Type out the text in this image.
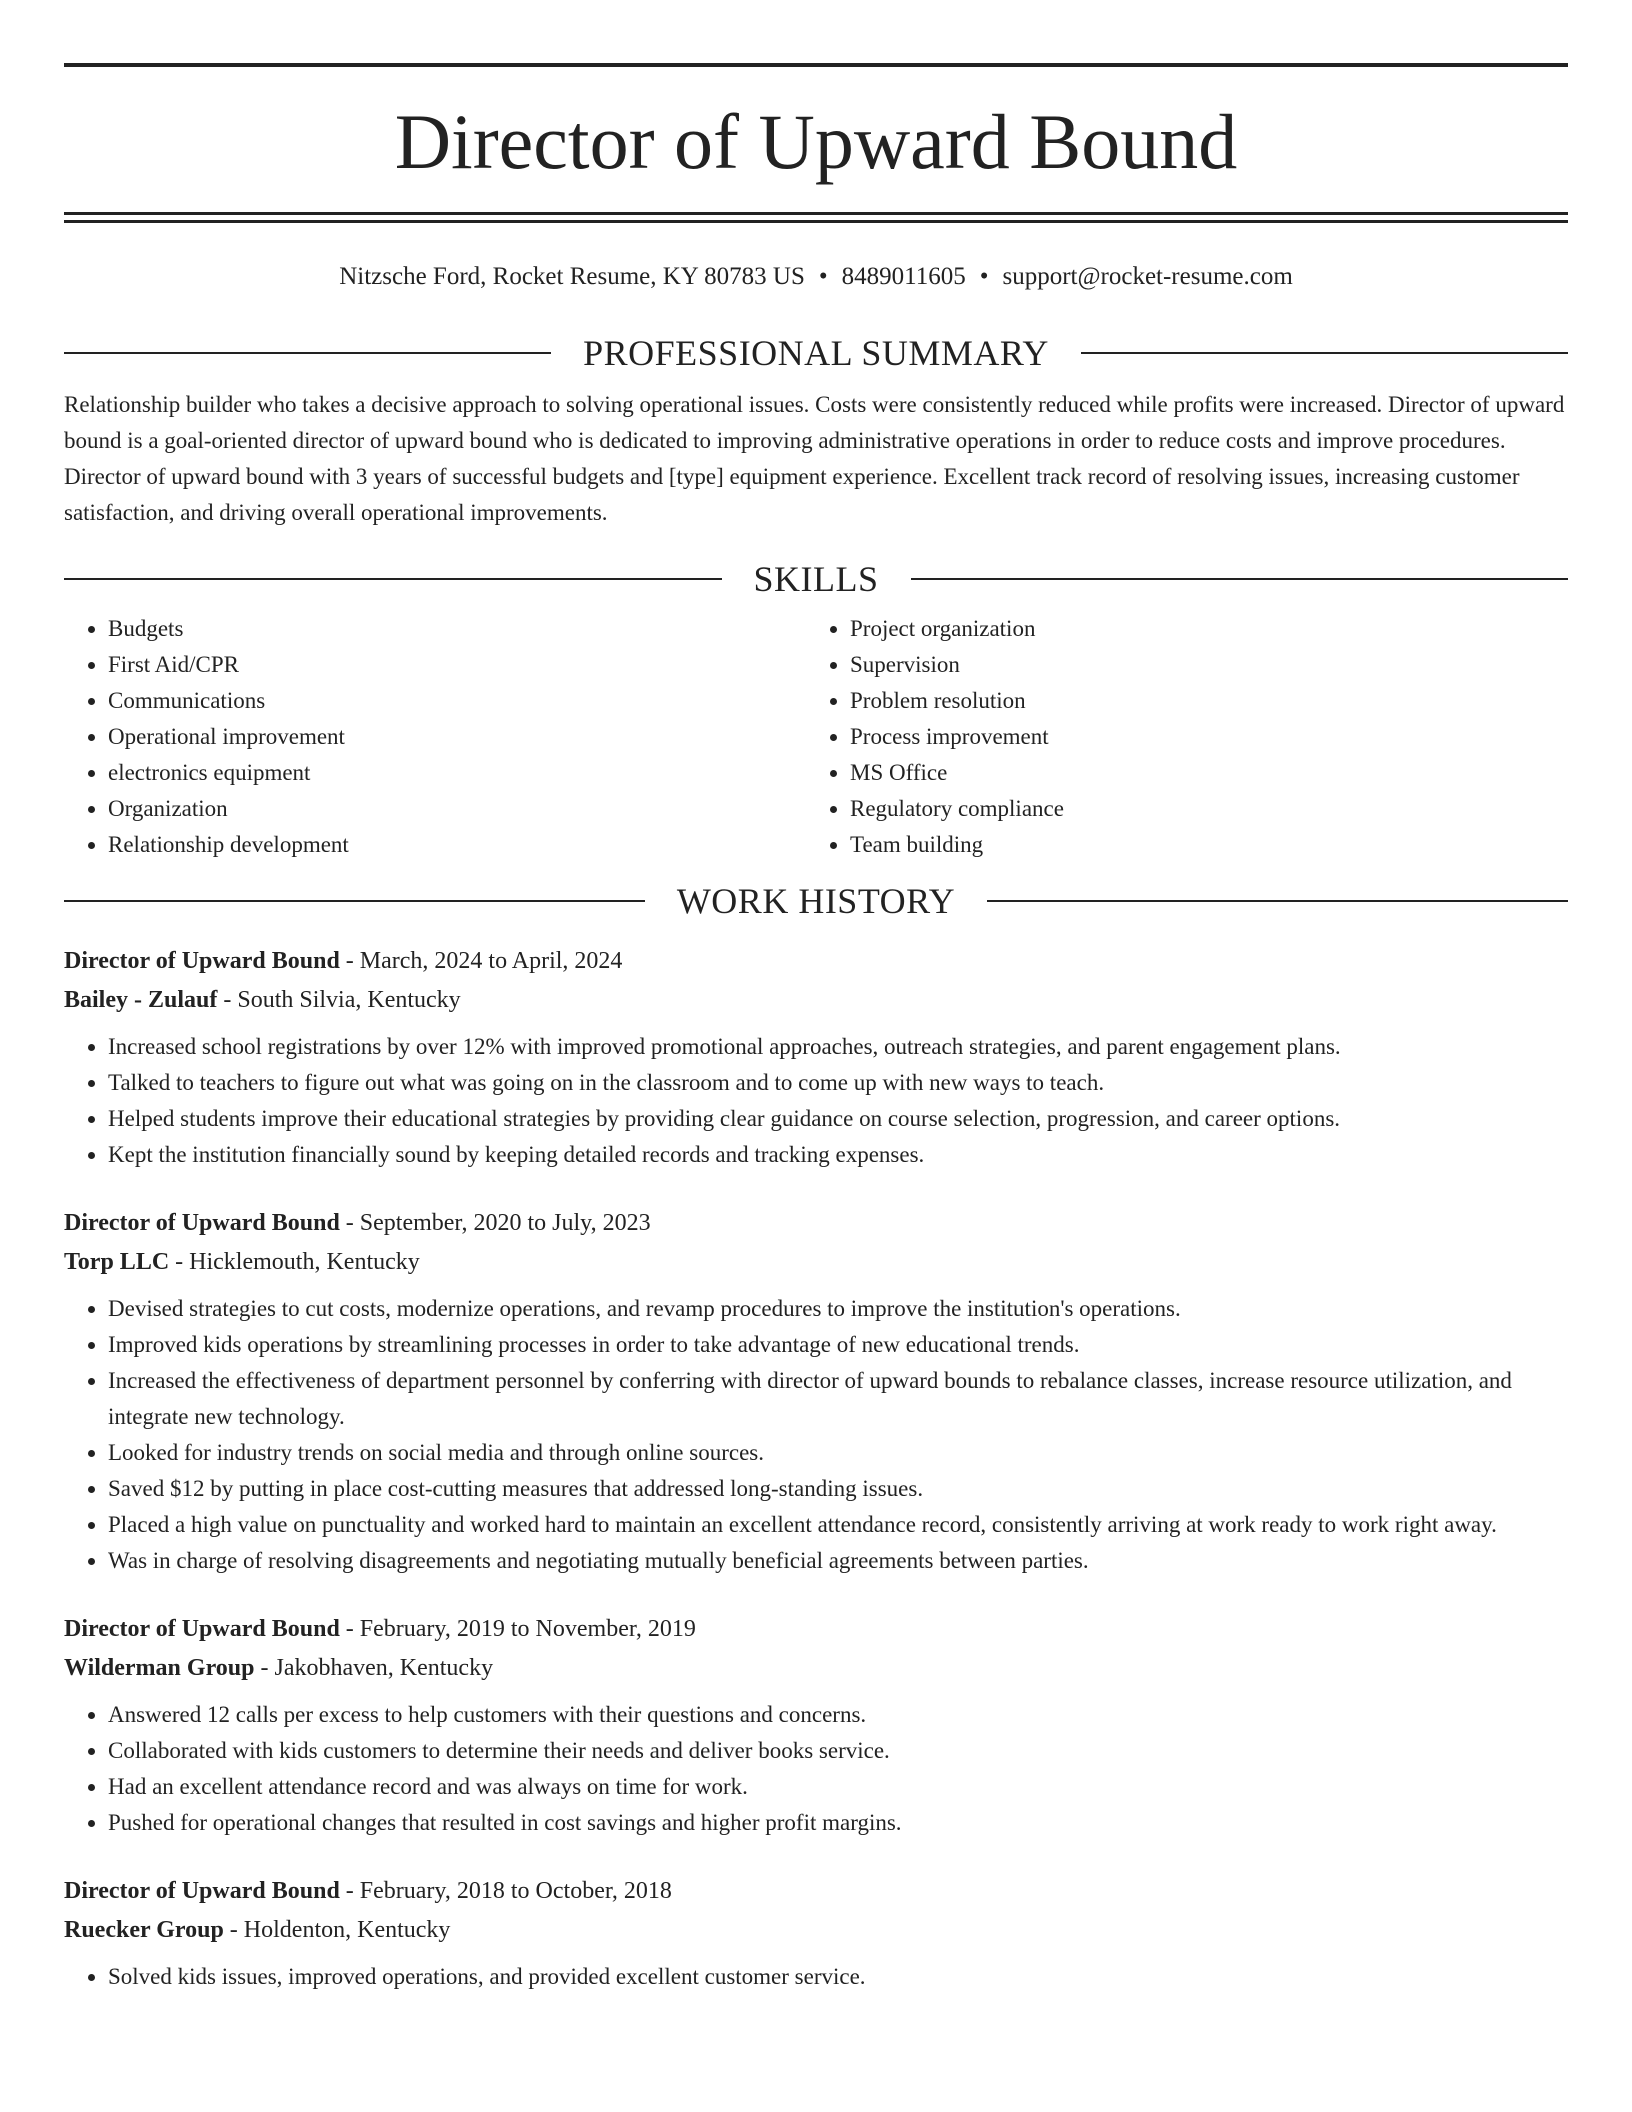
Director of Upward Bound
Nitzsche Ford, Rocket Resume, KY 80783 US • 8489011605 • support@rocket-resume.com
PROFESSIONAL SUMMARY
Relationship builder who takes a decisive approach to solving operational issues. Costs were consistently reduced while profits were increased. Director of upward bound is a goal-oriented director of upward bound who is dedicated to improving administrative operations in order to reduce costs and improve procedures. Director of upward bound with 3 years of successful budgets and [type] equipment experience. Excellent track record of resolving issues, increasing customer satisfaction, and driving overall operational improvements.
SKILLS
• Budgets
• First Aid/CPR
• Communications
• Operational improvement
• electronics equipment
• Organization
• Relationship development
• Project organization
• Supervision
• Problem resolution
• Process improvement
• MS Office
• Regulatory compliance
• Team building
WORK HISTORY
Director of Upward Bound - March, 2024 to April, 2024
Bailey - Zulauf - South Silvia, Kentucky
• Increased school registrations by over 12% with improved promotional approaches, outreach strategies, and parent engagement plans.
• Talked to teachers to figure out what was going on in the classroom and to come up with new ways to teach.
• Helped students improve their educational strategies by providing clear guidance on course selection, progression, and career options.
• Kept the institution financially sound by keeping detailed records and tracking expenses.
Director of Upward Bound - September, 2020 to July, 2023
Torp LLC - Hicklemouth, Kentucky
• Devised strategies to cut costs, modernize operations, and revamp procedures to improve the institution's operations.
• Improved kids operations by streamlining processes in order to take advantage of new educational trends.
• Increased the effectiveness of department personnel by conferring with director of upward bounds to rebalance classes, increase resource utilization, and integrate new technology.
• Looked for industry trends on social media and through online sources.
• Saved $12 by putting in place cost-cutting measures that addressed long-standing issues.
• Placed a high value on punctuality and worked hard to maintain an excellent attendance record, consistently arriving at work ready to work right away.
• Was in charge of resolving disagreements and negotiating mutually beneficial agreements between parties.
Director of Upward Bound - February, 2019 to November, 2019
Wilderman Group - Jakobhaven, Kentucky
• Answered 12 calls per excess to help customers with their questions and concerns.
• Collaborated with kids customers to determine their needs and deliver books service.
• Had an excellent attendance record and was always on time for work.
• Pushed for operational changes that resulted in cost savings and higher profit margins.
Director of Upward Bound - February, 2018 to October, 2018
Ruecker Group - Holdenton, Kentucky
• Solved kids issues, improved operations, and provided excellent customer service.
